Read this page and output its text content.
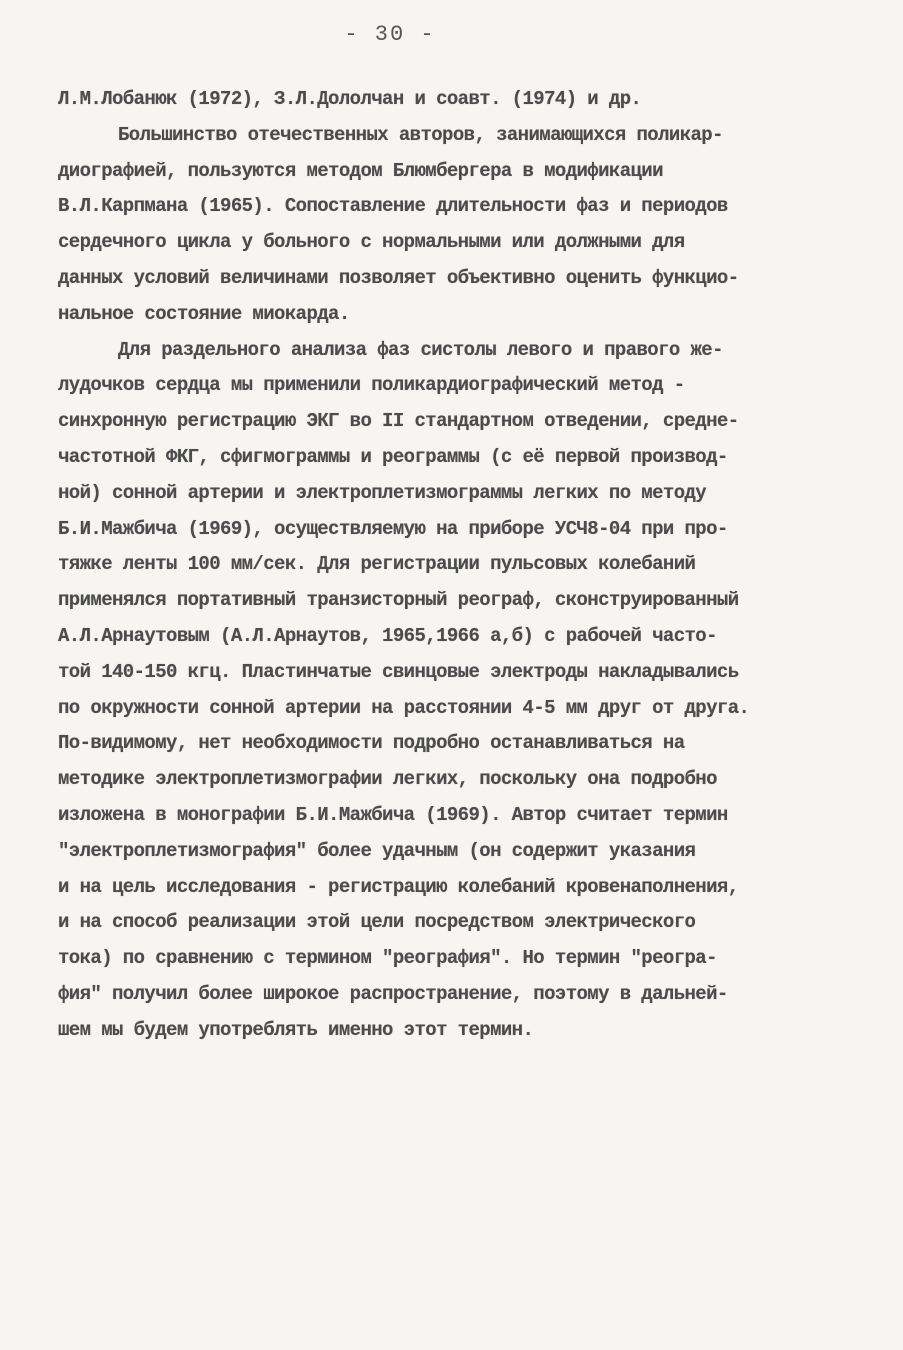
- 30 -
Л.М.Лобанюк (1972), З.Л.Дололчан и соавт. (1974) и др.
Большинство отечественных авторов, занимающихся поликар-
диографией, пользуются методом Блюмбергера в модификации
В.Л.Карпмана (1965). Сопоставление длительности фаз и периодов
сердечного цикла у больного с нормальными или должными для
данных условий величинами позволяет объективно оценить функцио-
нальное состояние миокарда.
Для раздельного анализа фаз систолы левого и правого же-
лудочков сердца мы применили поликардиографический метод -
синхронную регистрацию ЭКГ во II стандартном отведении, средне-
частотной ФКГ, сфигмограммы и реограммы (с её первой производ-
ной) сонной артерии и электроплетизмограммы легких по методу
Б.И.Мажбича (1969), осуществляемую на приборе УСЧ8-04 при про-
тяжке ленты 100 мм/сек. Для регистрации пульсовых колебаний
применялся портативный транзисторный реограф, сконструированный
А.Л.Арнаутовым (А.Л.Арнаутов, 1965,1966 а,б) с рабочей часто-
той 140-150 кгц. Пластинчатые свинцовые электроды накладывались
по окружности сонной артерии на расстоянии 4-5 мм друг от друга.
По-видимому, нет необходимости подробно останавливаться на
методике электроплетизмографии легких, поскольку она подробно
изложена в монографии Б.И.Мажбича (1969). Автор считает термин
"электроплетизмография" более удачным (он содержит указания
и на цель исследования - регистрацию колебаний кровенаполнения,
и на способ реализации этой цели посредством электрического
тока) по сравнению с термином "реография". Но термин "реогра-
фия" получил более широкое распространение, поэтому в дальней-
шем мы будем употреблять именно этот термин.
